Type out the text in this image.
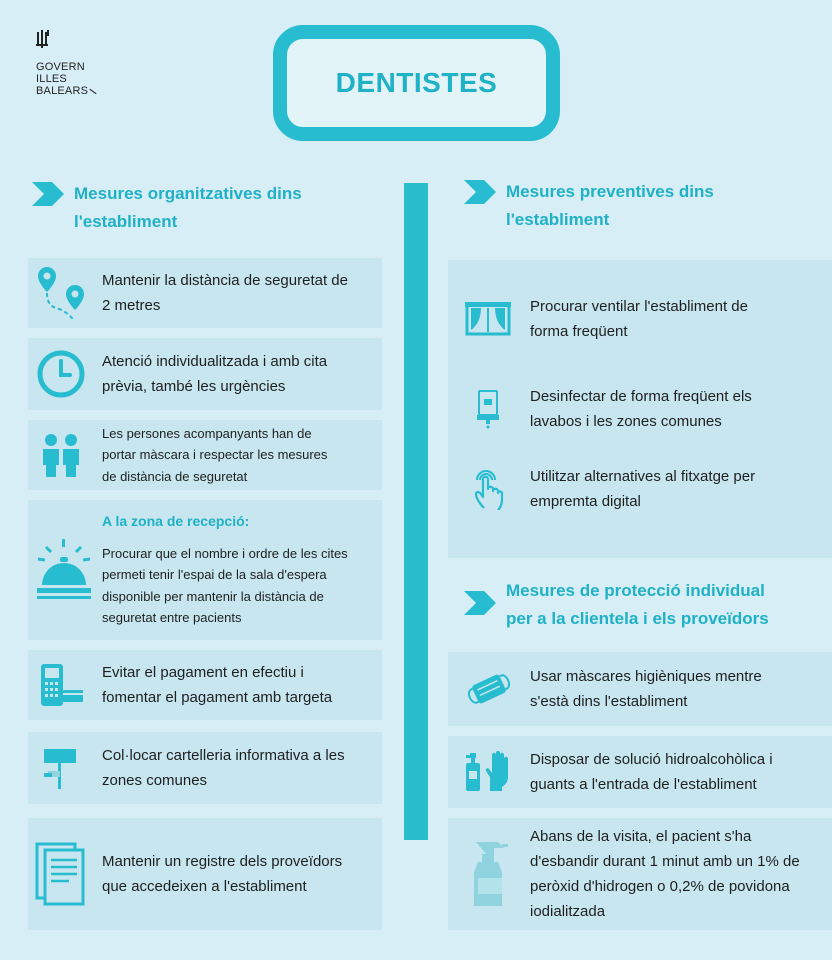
GOVERN
ILLES
BALEARS	DENTISTES
Mesures organitzatives dins
l'establiment
Mantenir la distància de seguretat de
2 metres
Atenció individualitzada i amb cita
prèvia, també les urgències
Les persones acompanyants han de
portar màscara i respectar les mesures
de distància de seguretat
A la zona de recepció:
Procurar que el nombre i ordre de les cites
permeti tenir l'espai de la sala d'espera
disponible per mantenir la distància de
seguretat entre pacients
Evitar el pagament en efectiu i
fomentar el pagament amb targeta
Col·locar cartelleria informativa a les
zones comunes
Mantenir un registre dels proveïdors
que accedeixen a l'establiment
Mesures preventives dins
l'establiment
Procurar ventilar l'establiment de
forma freqüent
Desinfectar de forma freqüent els
lavabos i les zones comunes
Utilitzar alternatives al fitxatge per
empremta digital
Mesures de protecció individual
per a la clientela i els proveïdors
Usar màscares higièniques mentre
s'està dins l'establiment
Disposar de solució hidroalcohòlica i
guants a l'entrada de l'establiment
Abans de la visita, el pacient s'ha
d'esbandir durant 1 minut amb un 1% de
peròxid d'hidrogen o 0,2% de povidona
iodialitzada
